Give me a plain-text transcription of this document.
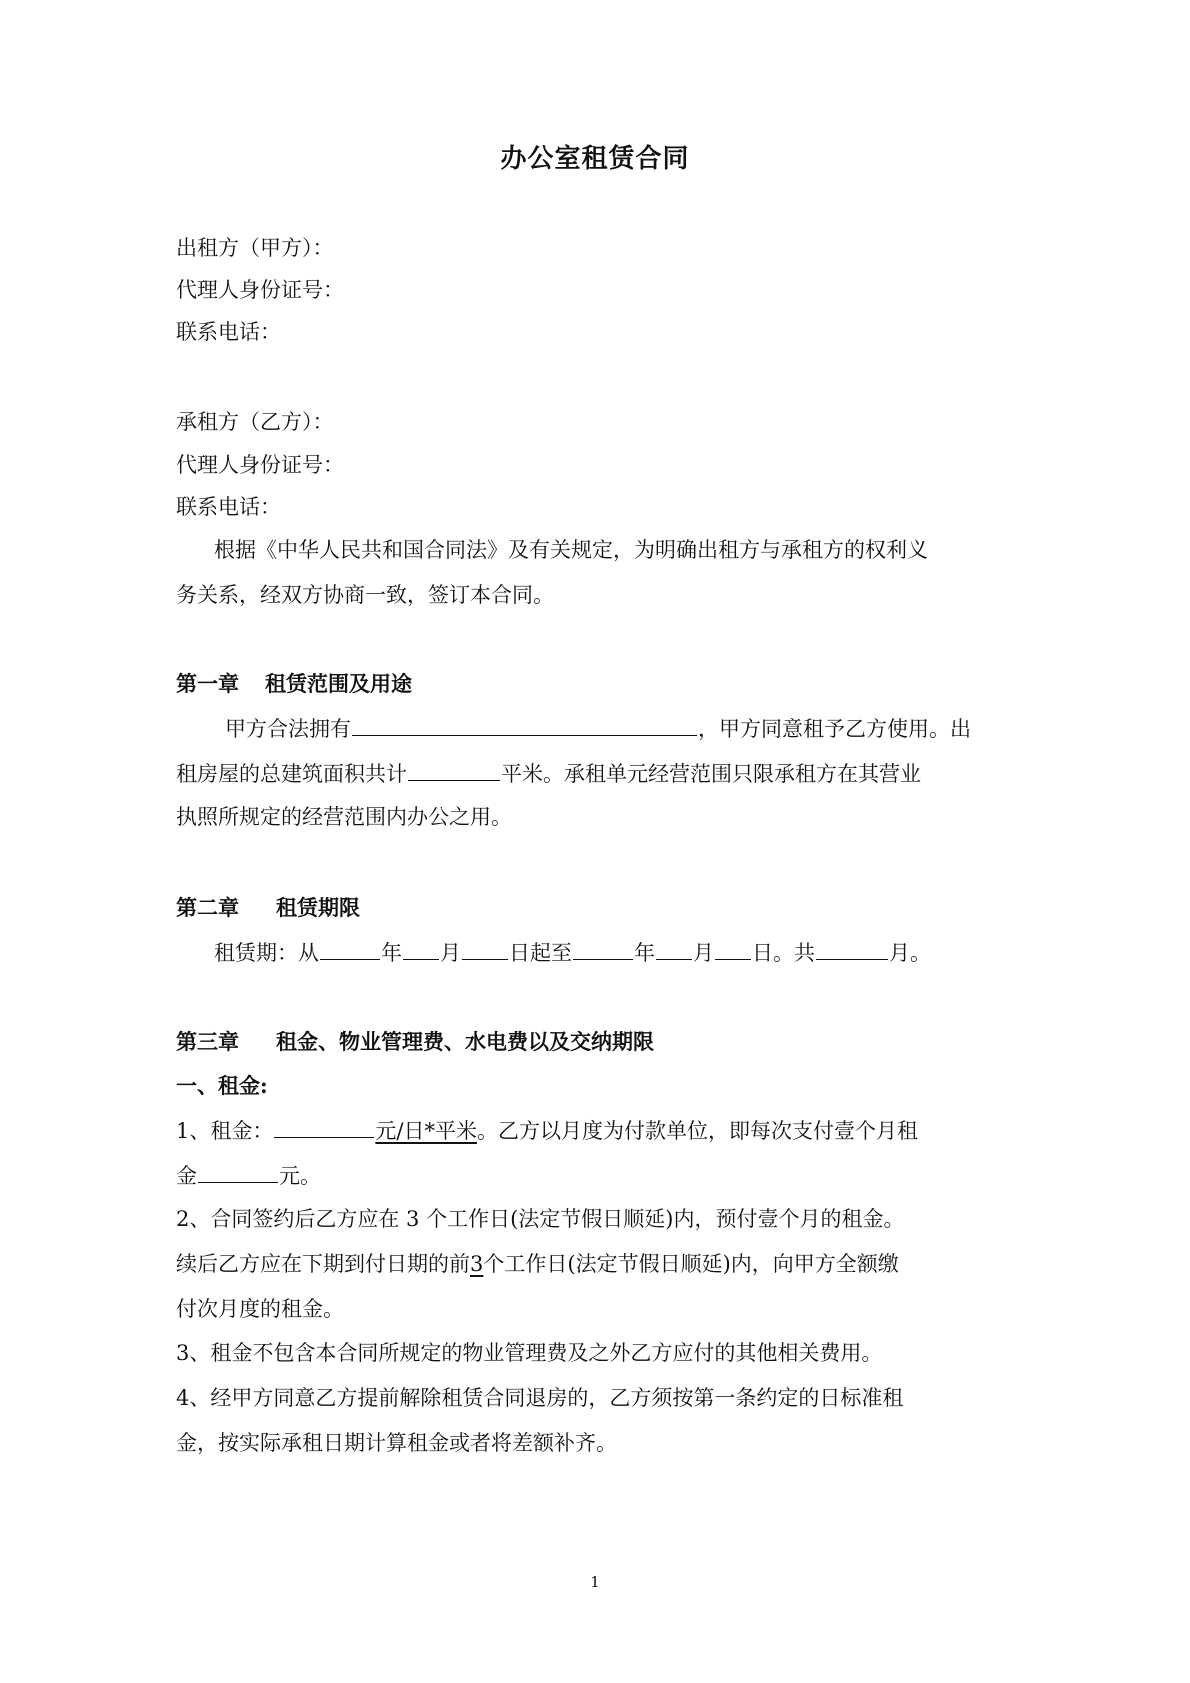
办公室租赁合同
出租方（甲方）：
代理人身份证号：
联系电话：
承租方（乙方）：
代理人身份证号：
联系电话：
根据《中华人民共和国合同法》及有关规定，为明确出租方与承租方的权利义
务关系，经双方协商一致，签订本合同。
第一章 租赁范围及用途
甲方合法拥有	，甲方同意租予乙方使用。出
租房屋的总建筑面积共计	平米。承租单元经营范围只限承租方在其营业
执照所规定的经营范围内办公之用。
第二章 租赁期限
租赁期：从	年 月 日起至	年 月 日。共	月。
第三章 租金、物业管理费、水电费以及交纳期限
一、租金:
1、租金：	元/日*平米。乙方以月度为付款单位，即每次支付壹个月租
金	元。
2、合同签约后乙方应在 3 个工作日(法定节假日顺延)内，预付壹个月的租金。
续后乙方应在下期到付日期的前3个工作日(法定节假日顺延)内，向甲方全额缴
付次月度的租金。
3、租金不包含本合同所规定的物业管理费及之外乙方应付的其他相关费用。
4、经甲方同意乙方提前解除租赁合同退房的，乙方须按第一条约定的日标准租
金，按实际承租日期计算租金或者将差额补齐。
1
